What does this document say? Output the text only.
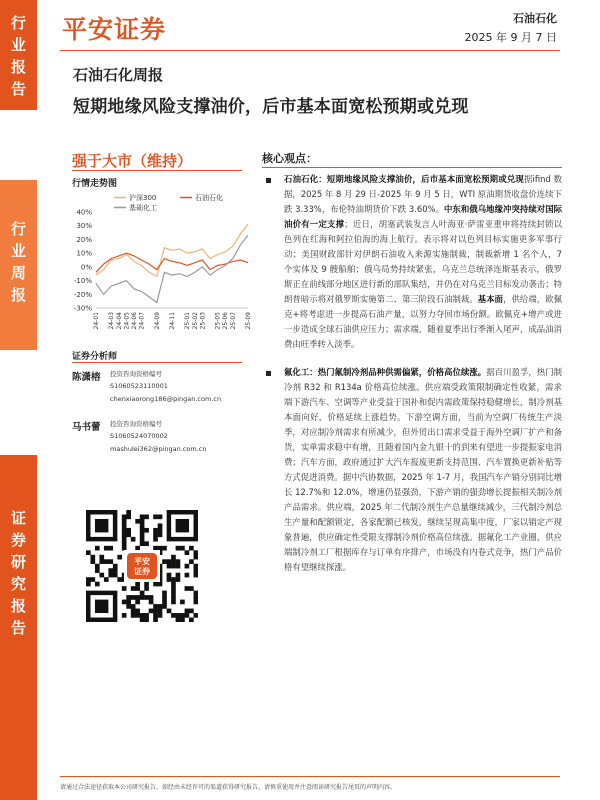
行业报告
行业周报
证券研究报告
平安证券	石油石化
2025 年 9 月 7 日
石油石化周报
短期地缘风险支撑油价，后市基本面宽松预期或兑现
强于大市（维持）
行情走势图
40%
30%
20%
10%
0%
-10%
-20%
-30%
24-01 24-03 24-04 24-05 24-06 24-07 24-09 24-11 25-01 25-02 25-03 25-05 25-06 25-07 25-09
沪深300	石油石化
基础化工
证券分析师
陈潇榕 投资咨询资格编号
S1060523110001
chenxiaorong186@pingan.com.cn
马书蕾 投资咨询资格编号
S1060524070002
mashulei362@pingan.com.cn
平安
证券
核心观点：
石油石化：短期地缘风险支撑油价，后市基本面宽松预期或兑现据ifind 数据，2025 年 8 月 29 日-2025 年 9 月 5 日，WTI 原油期货收盘价连续下跌 3.33%，布伦特油期货价下跌 3.60%。中东和俄乌地缘冲突持续对国际油价有一定支撑；近日，胡塞武装发言人叶海亚·萨雷亚重申将持续封锁以色列在红海和阿拉伯海的海上航行。表示将对以色列目标实施更多军事行动；美国财政部针对伊朗石油收入来源实施制裁，制裁新增 1 名个人，7 个实体及 9 艘船舶；俄乌局势持续紧张，乌克兰总统泽连斯基表示，俄罗斯正在前线部分地区进行新的部队集结，并仍在对乌克兰目标发动袭击；特朗普暗示将对俄罗斯实施第二、第三阶段石油制裁。基本面，供给端，欧佩克+将考虑进一步提高石油产量，以努力夺回市场份额。欧佩克+增产或进一步造成全球石油供应压力；需求端，随着夏季出行季渐入尾声，成品油消费由旺季转入淡季。
氟化工：热门氟制冷剂品种供需偏紧，价格高位续涨。据百川盈孚，热门制冷剂 R32 和 R134a 价格高位续涨。供应端受政策限制确定性收紧，需求端下游汽车、空调等产业受益于国补和促内需政策保持稳健增长，制冷剂基本面向好，价格延续上涨趋势。下游空调方面，当前为空调厂传统生产淡季，对应制冷剂需求有所减少，但外贸出口需求受益于海外空调厂扩产和备货，实单需求稳中有增，且随着国内金九银十的到来有望进一步提振家电消费；汽车方面，政府通过扩大汽车报废更新支持范围、汽车置换更新补贴等方式促进消费。据中汽协数据，2025 年 1-7 月，我国汽车产销分别同比增长 12.7%和 12.0%，增速仍显强劲，下游产销的强劲增长提振相关制冷剂产品需求。供应端，2025 年二代制冷剂生产总量继续减少，三代制冷剂总生产量和配额锁定，各家配额已核发，继续呈现高集中度，厂家以销定产现象普遍，供应确定性受限支撑制冷剂价格高位续涨。据氟化工产业圈，供应端制冷剂工厂根据库存与订单有序排产，市场没有内卷式竞争，热门产品价格有望继续探涨。
请通过合法途径获取本公司研究报告，如经由未经许可的渠道获得研究报告，请慎重使用并注意阅读研究报告尾页的声明内容。
